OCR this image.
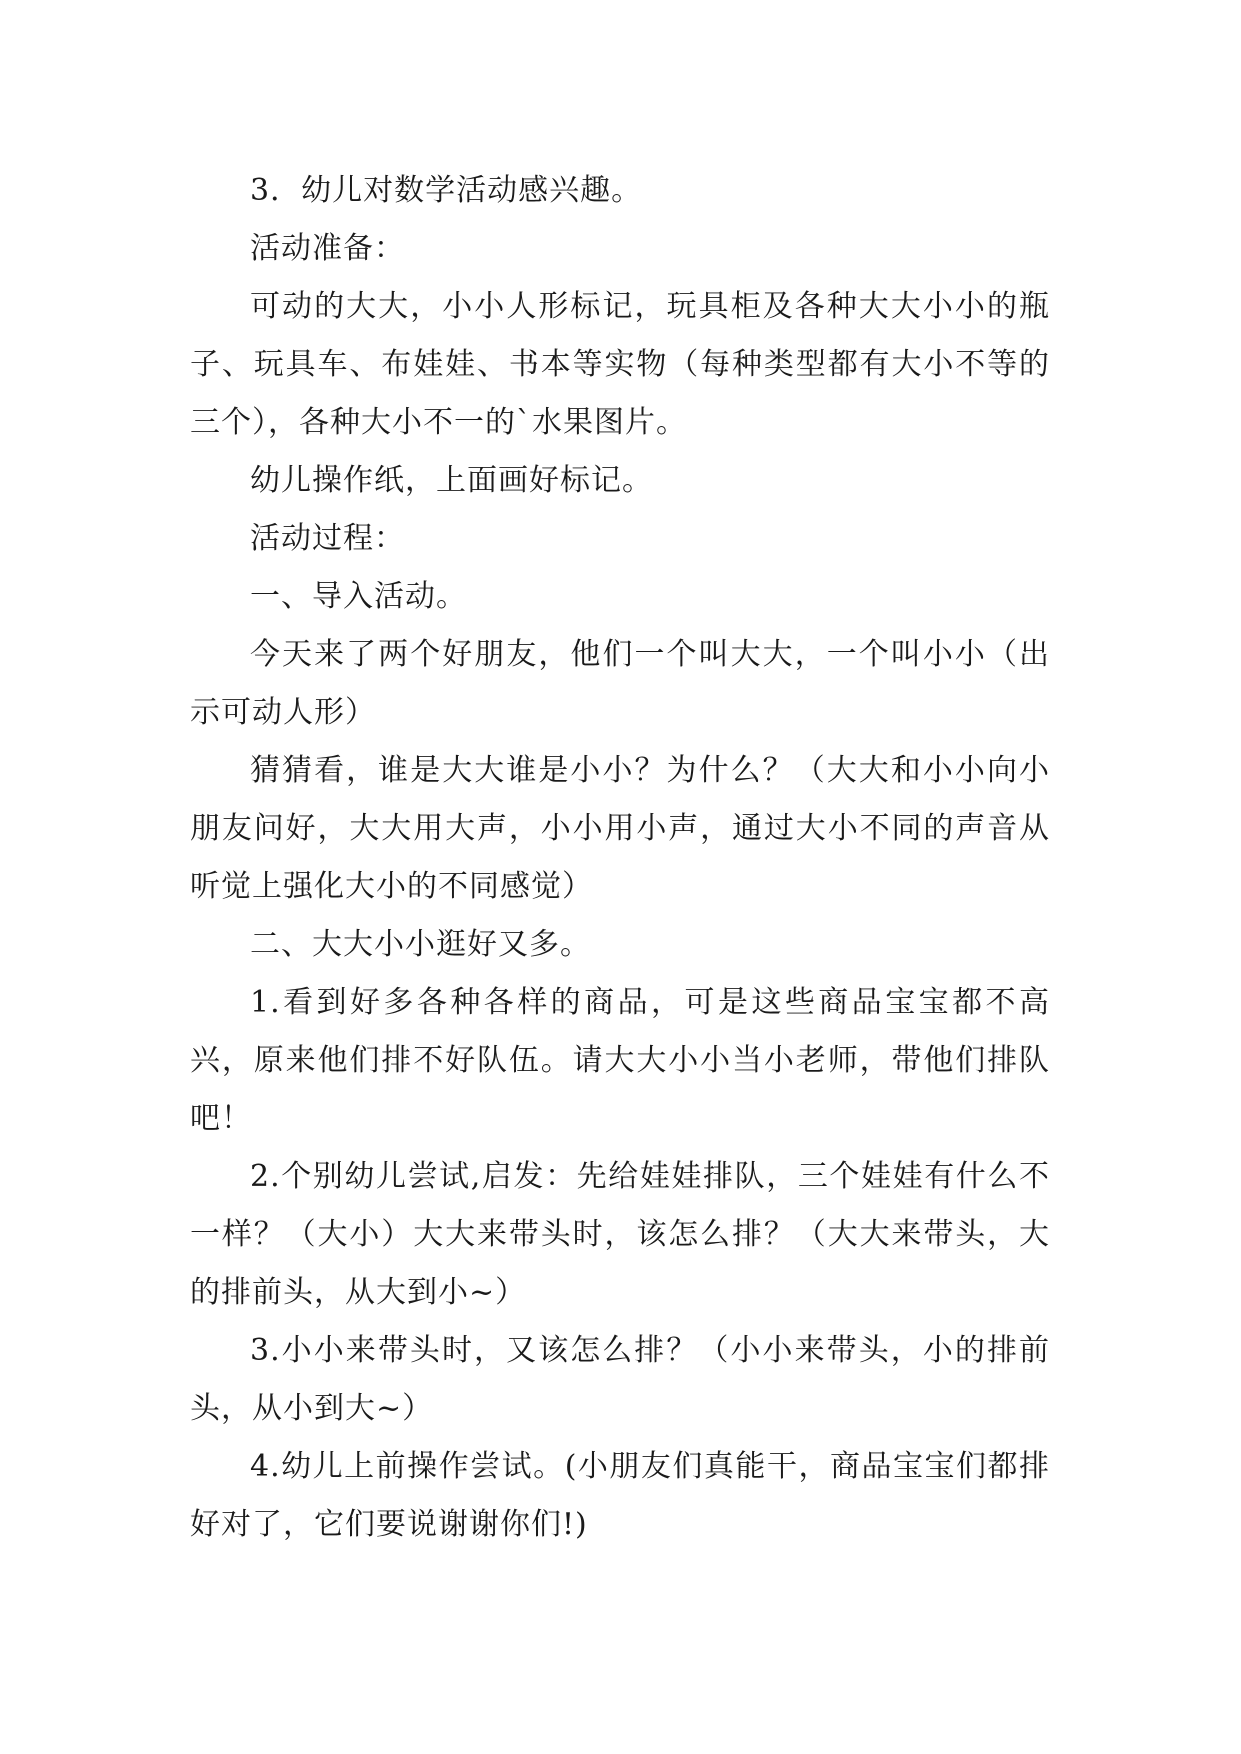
3．幼儿对数学活动感兴趣。

活动准备：

可动的大大，小小人形标记，玩具柜及各种大大小小的瓶子、玩具车、布娃娃、书本等实物（每种类型都有大小不等的三个），各种大小不一的`水果图片。

幼儿操作纸，上面画好标记。

活动过程：

一、导入活动。

今天来了两个好朋友，他们一个叫大大，一个叫小小（出示可动人形）

猜猜看，谁是大大谁是小小？为什么？（大大和小小向小朋友问好，大大用大声，小小用小声，通过大小不同的声音从听觉上强化大小的不同感觉）

二、大大小小逛好又多。

1.看到好多各种各样的商品，可是这些商品宝宝都不高兴，原来他们排不好队伍。请大大小小当小老师，带他们排队吧！

2.个别幼儿尝试,启发：先给娃娃排队，三个娃娃有什么不一样？（大小）大大来带头时，该怎么排？（大大来带头，大的排前头，从大到小~）

3.小小来带头时，又该怎么排？（小小来带头，小的排前头，从小到大~）

4.幼儿上前操作尝试。(小朋友们真能干，商品宝宝们都排好对了，它们要说谢谢你们!)
